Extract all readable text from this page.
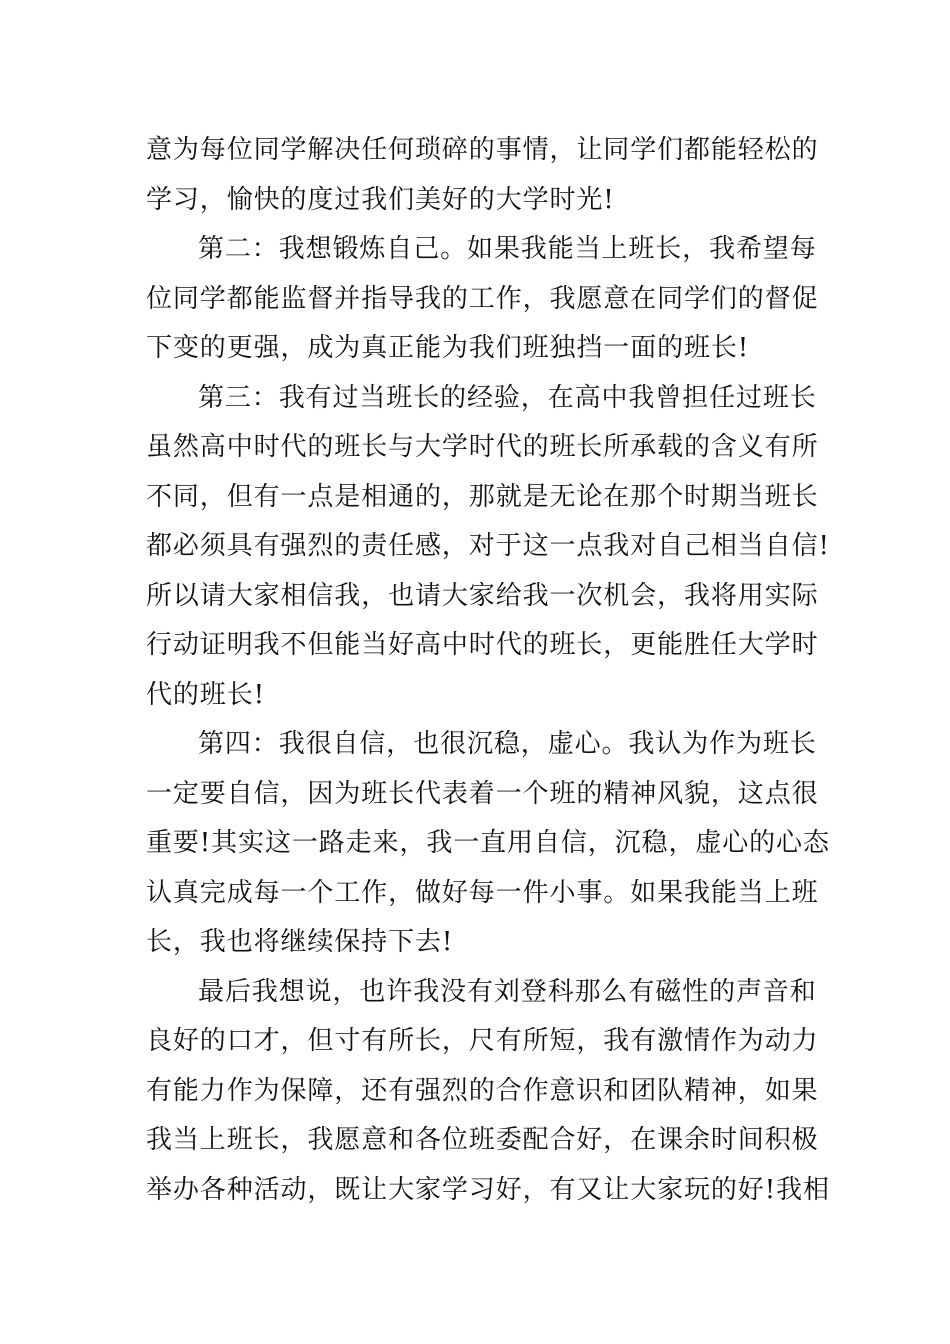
意为每位同学解决任何琐碎的事情，让同学们都能轻松的
学习，愉快的度过我们美好的大学时光!
第二：我想锻炼自己。如果我能当上班长，我希望每
位同学都能监督并指导我的工作，我愿意在同学们的督促
下变的更强，成为真正能为我们班独挡一面的班长!
第三：我有过当班长的经验，在高中我曾担任过班长
虽然高中时代的班长与大学时代的班长所承载的含义有所
不同，但有一点是相通的，那就是无论在那个时期当班长
都必须具有强烈的责任感，对于这一点我对自己相当自信!
所以请大家相信我，也请大家给我一次机会，我将用实际
行动证明我不但能当好高中时代的班长，更能胜任大学时
代的班长!
第四：我很自信，也很沉稳，虚心。我认为作为班长
一定要自信，因为班长代表着一个班的精神风貌，这点很
重要!其实这一路走来，我一直用自信，沉稳，虚心的心态
认真完成每一个工作，做好每一件小事。如果我能当上班
长，我也将继续保持下去!
最后我想说，也许我没有刘登科那么有磁性的声音和
良好的口才，但寸有所长，尺有所短，我有激情作为动力
有能力作为保障，还有强烈的合作意识和团队精神，如果
我当上班长，我愿意和各位班委配合好，在课余时间积极
举办各种活动，既让大家学习好，有又让大家玩的好!我相
